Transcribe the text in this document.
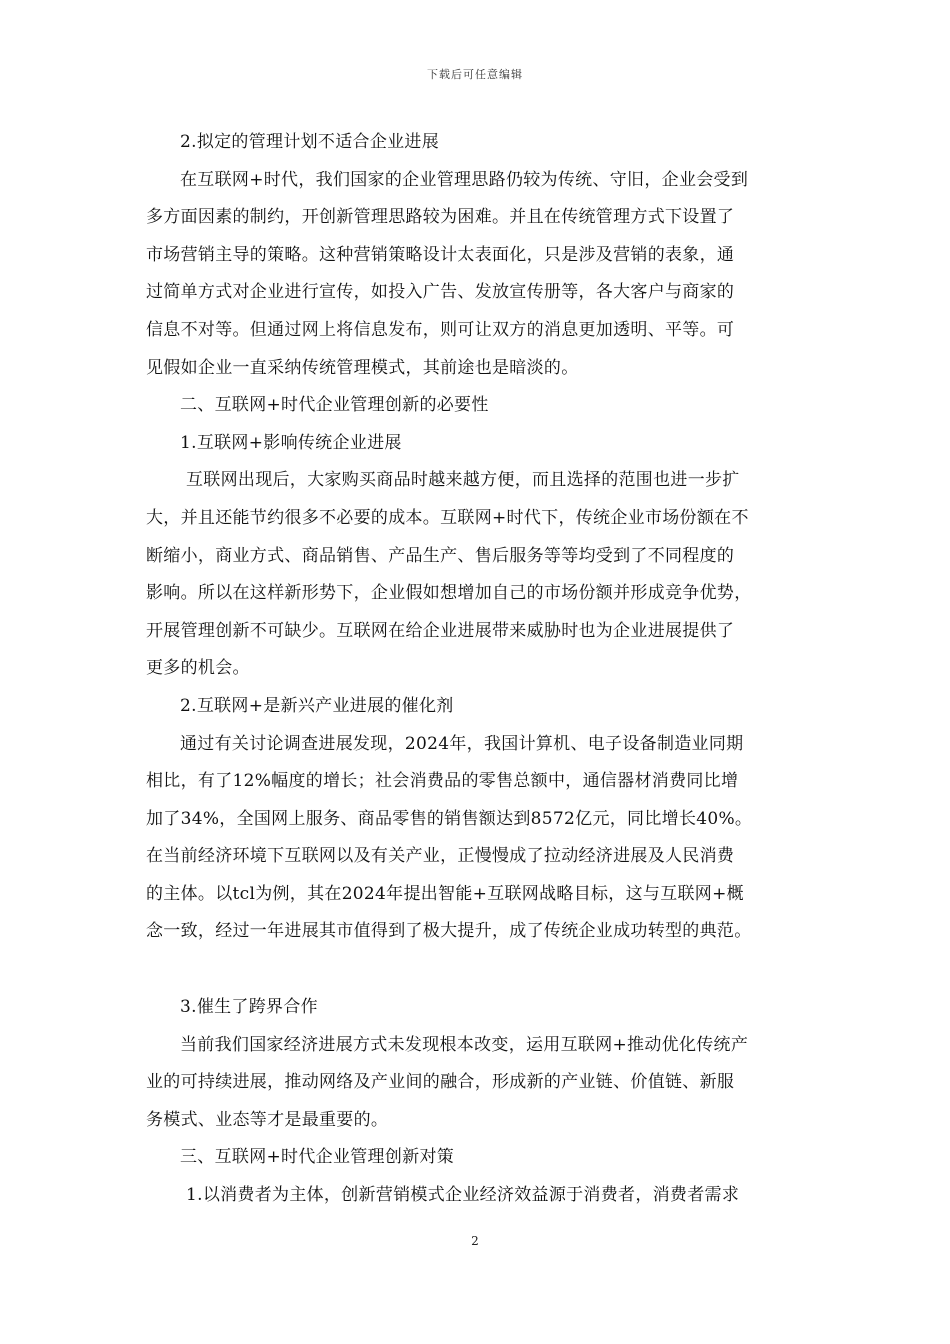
下载后可任意编辑
2.拟定的管理计划不适合企业进展
在互联网+时代，我们国家的企业管理思路仍较为传统、守旧，企业会受到
多方面因素的制约，开创新管理思路较为困难。并且在传统管理方式下设置了
市场营销主导的策略。这种营销策略设计太表面化，只是涉及营销的表象，通
过简单方式对企业进行宣传，如投入广告、发放宣传册等，各大客户与商家的
信息不对等。但通过网上将信息发布，则可让双方的消息更加透明、平等。可
见假如企业一直采纳传统管理模式，其前途也是暗淡的。
二、互联网+时代企业管理创新的必要性
1.互联网+影响传统企业进展
互联网出现后，大家购买商品时越来越方便，而且选择的范围也进一步扩
大，并且还能节约很多不必要的成本。互联网+时代下，传统企业市场份额在不
断缩小，商业方式、商品销售、产品生产、售后服务等等均受到了不同程度的
影响。所以在这样新形势下，企业假如想增加自己的市场份额并形成竞争优势，
开展管理创新不可缺少。互联网在给企业进展带来威胁时也为企业进展提供了
更多的机会。
2.互联网+是新兴产业进展的催化剂
通过有关讨论调查进展发现，2024年，我国计算机、电子设备制造业同期
相比，有了12%幅度的增长；社会消费品的零售总额中，通信器材消费同比增
加了34%，全国网上服务、商品零售的销售额达到8572亿元，同比增长40%。
在当前经济环境下互联网以及有关产业，正慢慢成了拉动经济进展及人民消费
的主体。以tcl为例，其在2024年提出智能+互联网战略目标，这与互联网+概
念一致，经过一年进展其市值得到了极大提升，成了传统企业成功转型的典范。
3.催生了跨界合作
当前我们国家经济进展方式未发现根本改变，运用互联网+推动优化传统产
业的可持续进展，推动网络及产业间的融合，形成新的产业链、价值链、新服
务模式、业态等才是最重要的。
三、互联网+时代企业管理创新对策
1.以消费者为主体，创新营销模式企业经济效益源于消费者，消费者需求
2
